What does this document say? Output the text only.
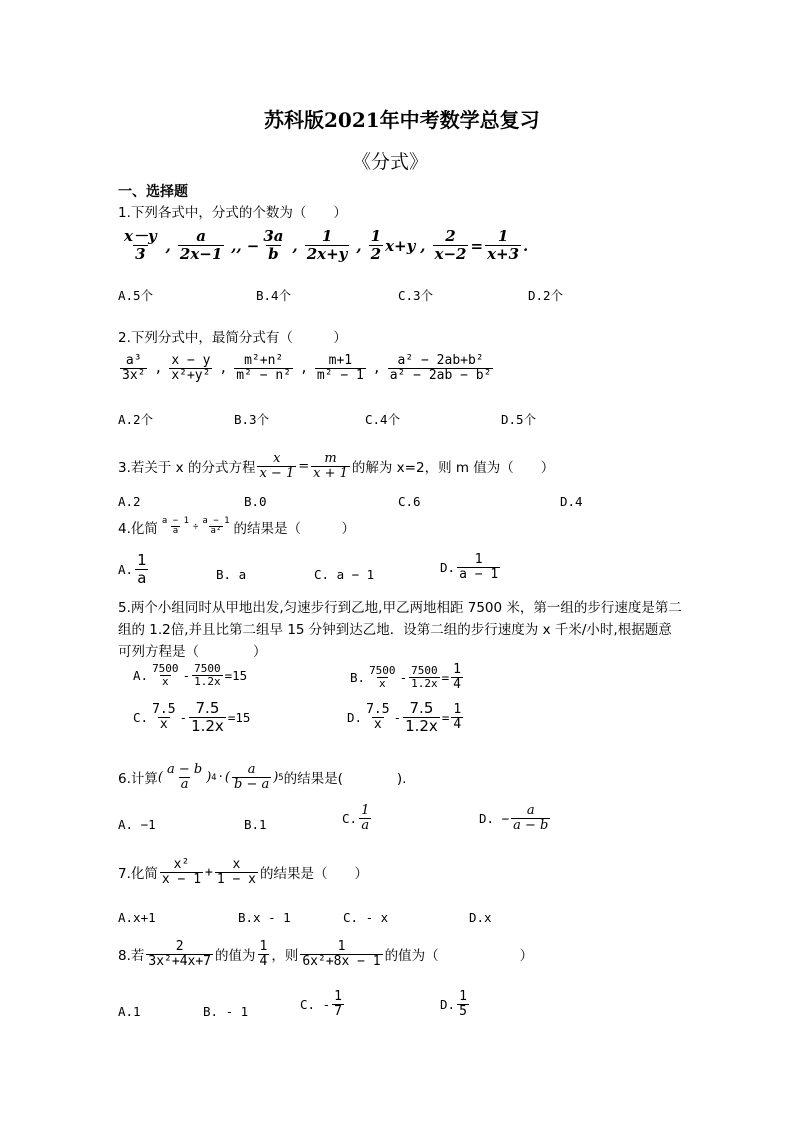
苏科版2021年中考数学总复习
《分式》
一、选择题
1.下列各式中，分式的个数为（　　）
$\frac{x-y}{3}$ , $\frac{a}{2x-1}$ ,, − $\frac{3a}{b}$ , $\frac{1}{2x+y}$ , $\frac{1}{2} x+y$ , $\frac{2}{x-2} = \frac{1}{x+3}$ .
A.5个	B.4个	C.3个	D.2个
2.下列分式中，最简分式有（　　　）
$\frac{\text{a³}}{\text{3x²}}$ , $\frac{x - y}{\text{x²+y²}}$ , $\frac{\text{m²+n²}}{\text{m² − n²}}$ , $\frac{m+1}{\text{m² − 1}}$ , $\frac{\text{a² − 2ab+b²}}{\text{a² − 2ab − b²}}$
A.2个	B.3个	C.4个	D.5个
3.若关于 x 的分式方程 $\frac{x}{x - 1} = \frac{m}{x + 1}$ 的解为 x=2，则 m 值为（　　）
A.2	B.0	C.6	D.4
4.化简 $\frac{a - 1}{a} \div \frac{a - 1}{\text{a²}}$ 的结果是（　　　）
A. $\frac{1}{a}$	B. a	C. a − 1	D. $\frac{1}{a - 1}$
5.两个小组同时从甲地出发,匀速步行到乙地,甲乙两地相距 7500 米，第一组的步行速度是第二
组的 1.2倍,并且比第二组早 15 分钟到达乙地．设第二组的步行速度为 x 千米/小时,根据题意
可列方程是（　　　　）
A. $\frac{7500}{x} - \frac{7500}{1.2x} =15$	B. $\frac{7500}{x} - \frac{7500}{1.2x} = \frac{1}{4}$
C. $\frac{7.5}{x} - \frac{7.5}{1.2x} =15$	D. $\frac{7.5}{x} - \frac{7.5}{1.2x} = \frac{1}{4}$
6.计算 ( $\frac{a - b}{a}$ ) 4 · ( $\frac{a}{b - a}$ ) 5 的结果是(　　　　).
A. −1	B.1	C. $\frac{1}{a}$	D. − $\frac{a}{a - b}$
7.化简 $\frac{\text{x²}}{x - 1} + \frac{x}{1 - x}$ 的结果是（　　）
A.x+1	B.x - 1	C. - x	D.x
8.若 $\frac{2}{\text{3x²+4x+7}}$ 的值为 $\frac{1}{4}$ ，则 $\frac{1}{\text{6x²+8x − 1}}$ 的值为（　　　　　　）
A.1	B. - 1	C. - $\frac{1}{7}$	D. $\frac{1}{5}$
